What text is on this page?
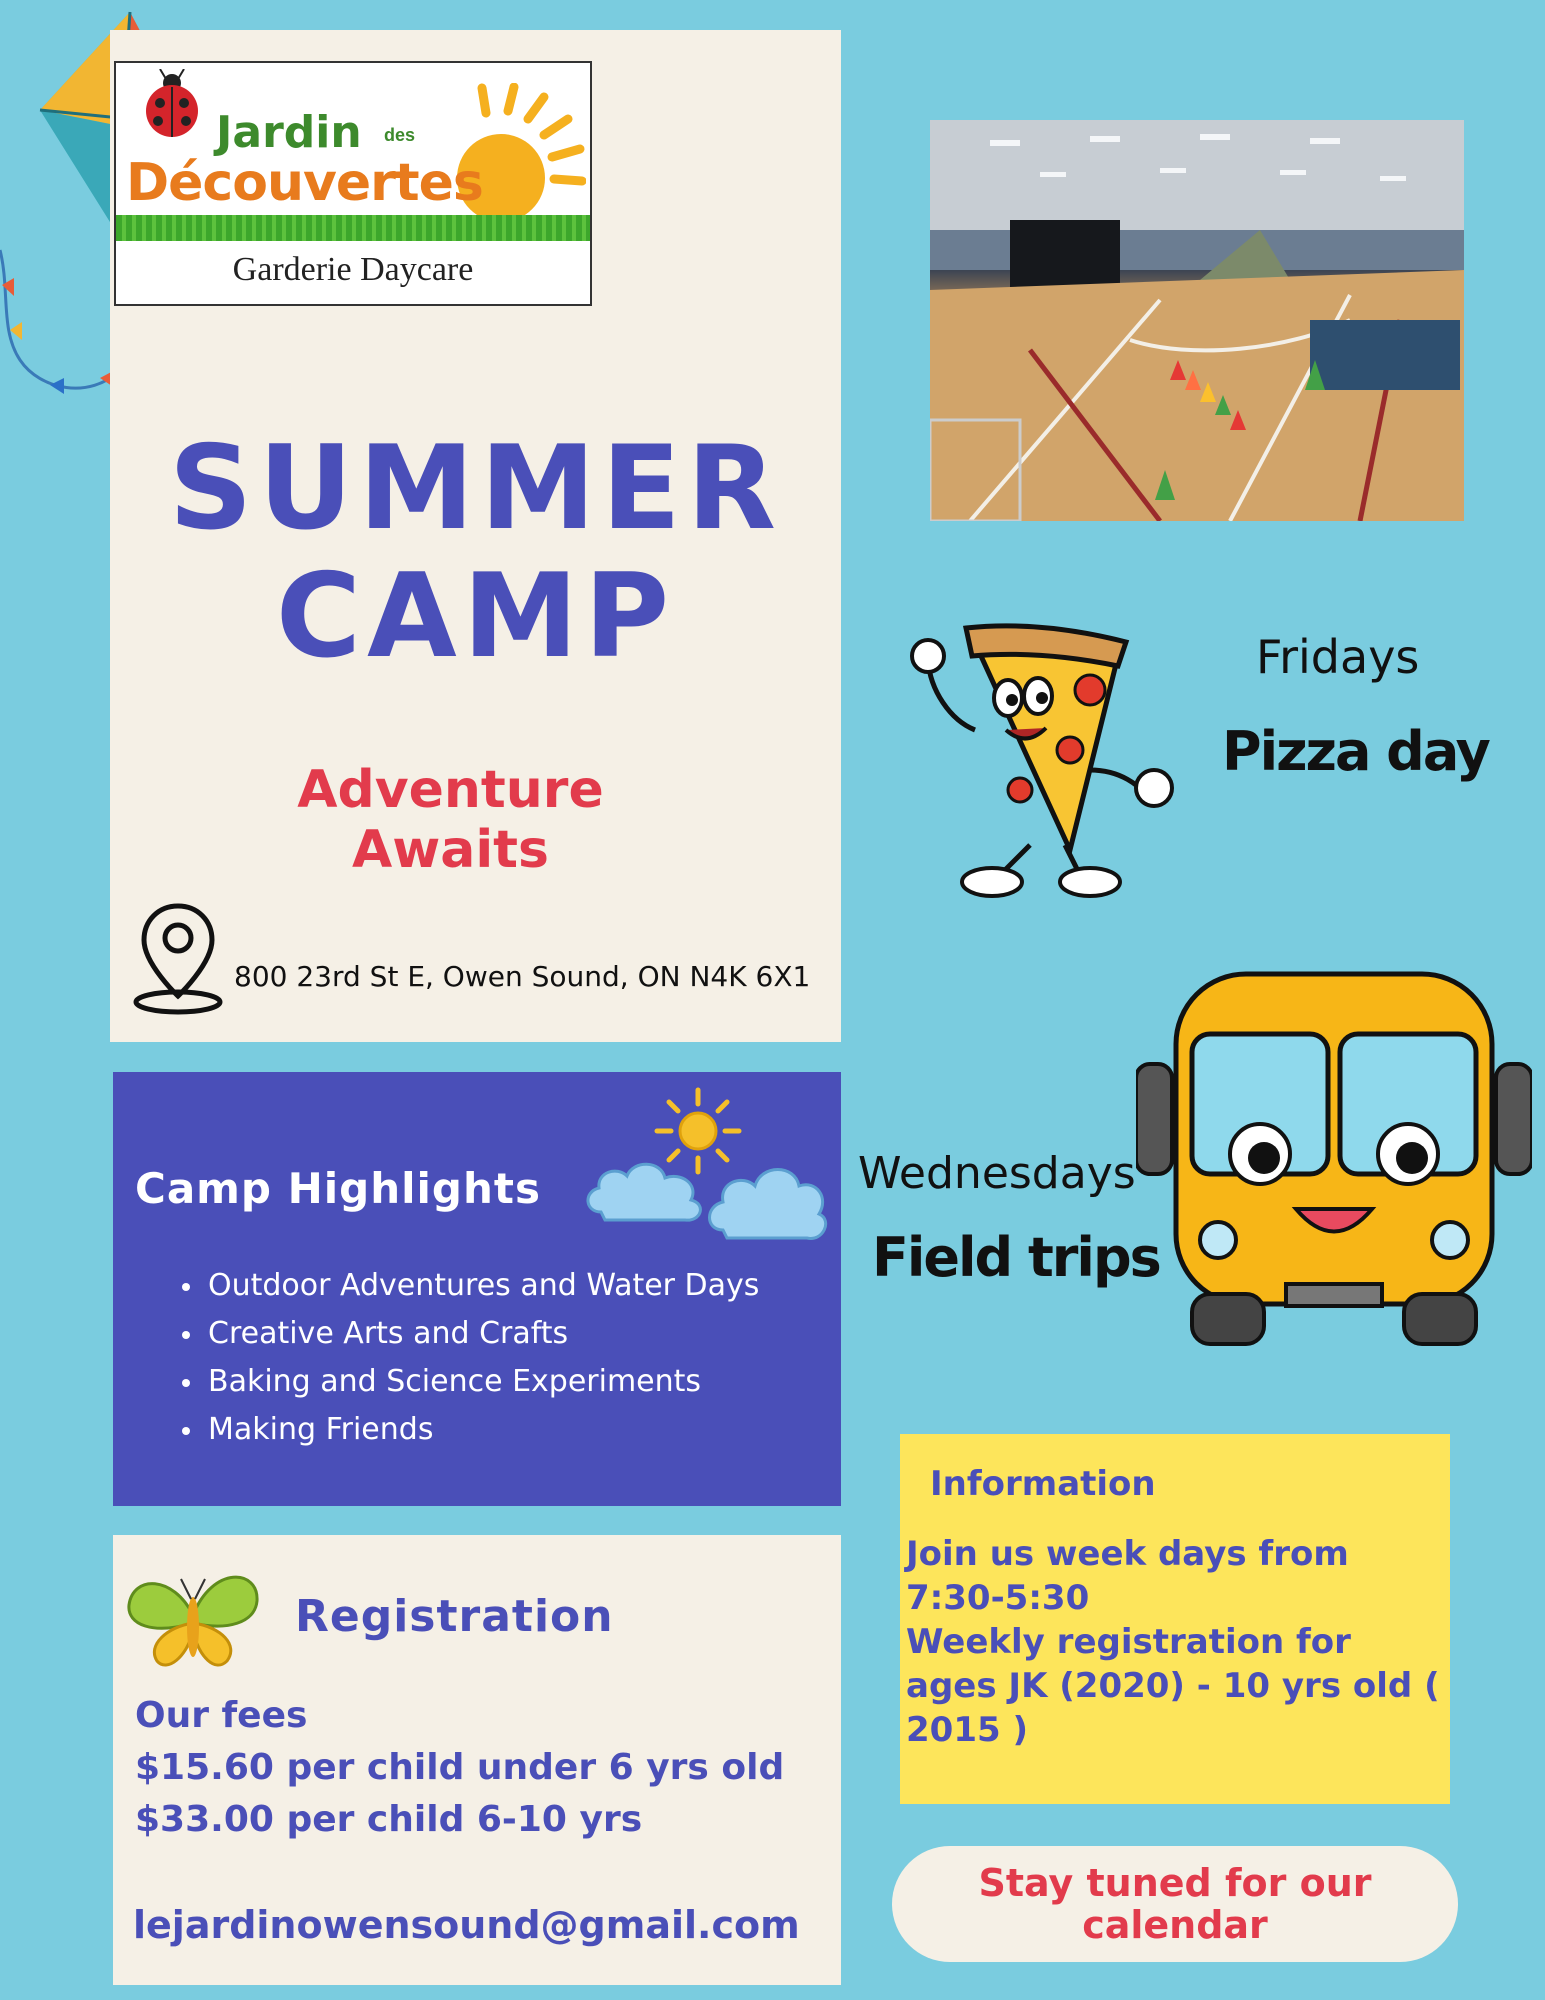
Jardin des
Découvertes
Garderie Daycare
SUMMER
CAMP
Adventure
Awaits
800 23rd St E, Owen Sound, ON N4K 6X1
Camp Highlights
Outdoor Adventures and Water Days
Creative Arts and Crafts
Baking and Science Experiments
Making Friends
Registration
Our fees
$15.60 per child under 6 yrs old
$33.00 per child 6-10 yrs
lejardinowensound@gmail.com
Fridays
Pizza day
Wednesdays
Field trips
Information
Join us week days from 7:30-5:30
Weekly registration for ages JK (2020) - 10 yrs old ( 2015 )
Stay tuned for our calendar
